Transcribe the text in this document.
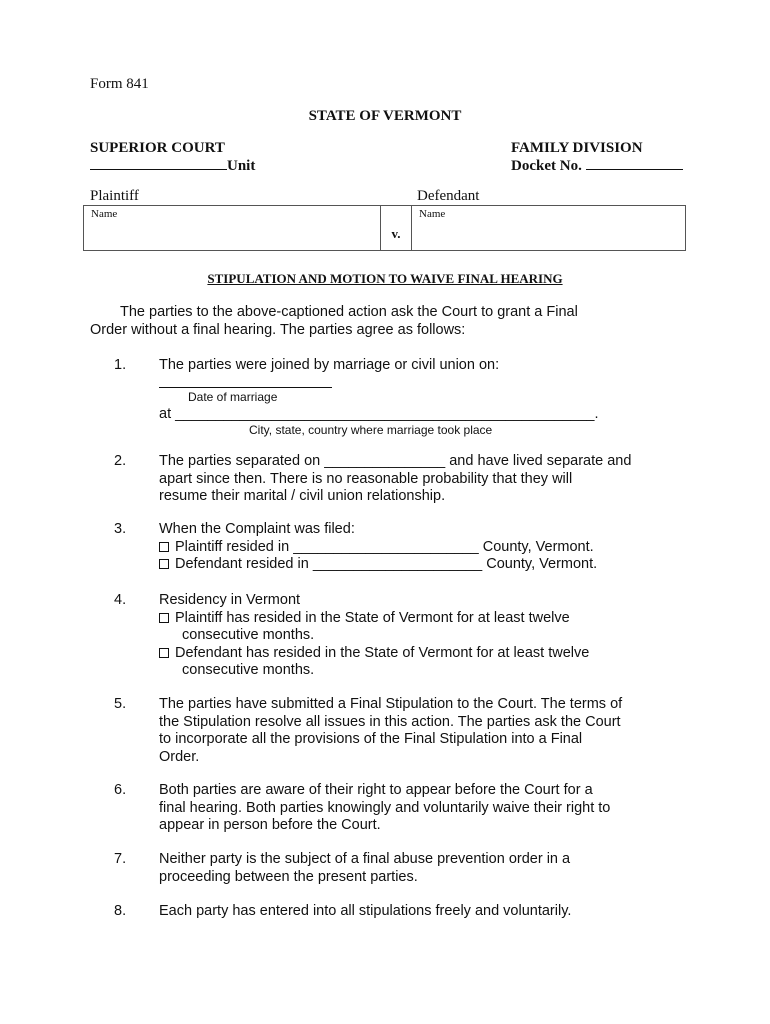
Form 841
STATE OF VERMONT
SUPERIOR COURT
Unit
FAMILY DIVISION
Docket No.
Plaintiff	Defendant
Name
v.
Name
STIPULATION AND MOTION TO WAIVE FINAL HEARING
The parties to the above-captioned action ask the Court to grant a Final
Order without a final hearing. The parties agree as follows:
1. The parties were joined by marriage or civil union on:
Date of marriage
at ____________________________________________________.
City, state, country where marriage took place
2. The parties separated on _______________ and have lived separate and
apart since then. There is no reasonable probability that they will
resume their marital / civil union relationship.
3. When the Complaint was filed:
Plaintiff resided in _______________________ County, Vermont.
Defendant resided in _____________________ County, Vermont.
4. Residency in Vermont
Plaintiff has resided in the State of Vermont for at least twelve
consecutive months.
Defendant has resided in the State of Vermont for at least twelve
consecutive months.
5. The parties have submitted a Final Stipulation to the Court. The terms of
the Stipulation resolve all issues in this action. The parties ask the Court
to incorporate all the provisions of the Final Stipulation into a Final
Order.
6. Both parties are aware of their right to appear before the Court for a
final hearing. Both parties knowingly and voluntarily waive their right to
appear in person before the Court.
7. Neither party is the subject of a final abuse prevention order in a
proceeding between the present parties.
8. Each party has entered into all stipulations freely and voluntarily.
